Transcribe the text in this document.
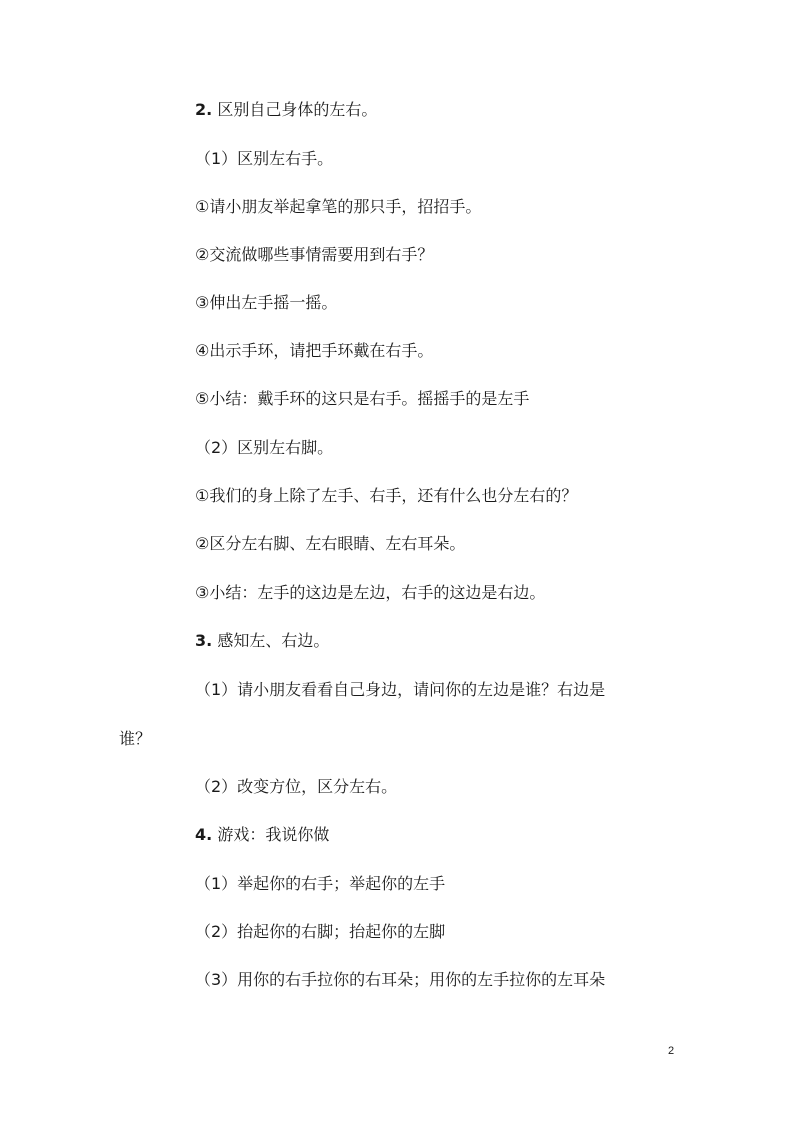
2. 区别自己身体的左右。
（1）区别左右手。
①请小朋友举起拿笔的那只手，招招手。
②交流做哪些事情需要用到右手？
③伸出左手摇一摇。
④出示手环，请把手环戴在右手。
⑤小结：戴手环的这只是右手。摇摇手的是左手
（2）区别左右脚。
①我们的身上除了左手、右手，还有什么也分左右的？
②区分左右脚、左右眼睛、左右耳朵。
③小结：左手的这边是左边，右手的这边是右边。
3. 感知左、右边。
（1）请小朋友看看自己身边，请问你的左边是谁？右边是
谁？
（2）改变方位，区分左右。
4. 游戏：我说你做
（1）举起你的右手；举起你的左手
（2）抬起你的右脚；抬起你的左脚
（3）用你的右手拉你的右耳朵；用你的左手拉你的左耳朵
2
